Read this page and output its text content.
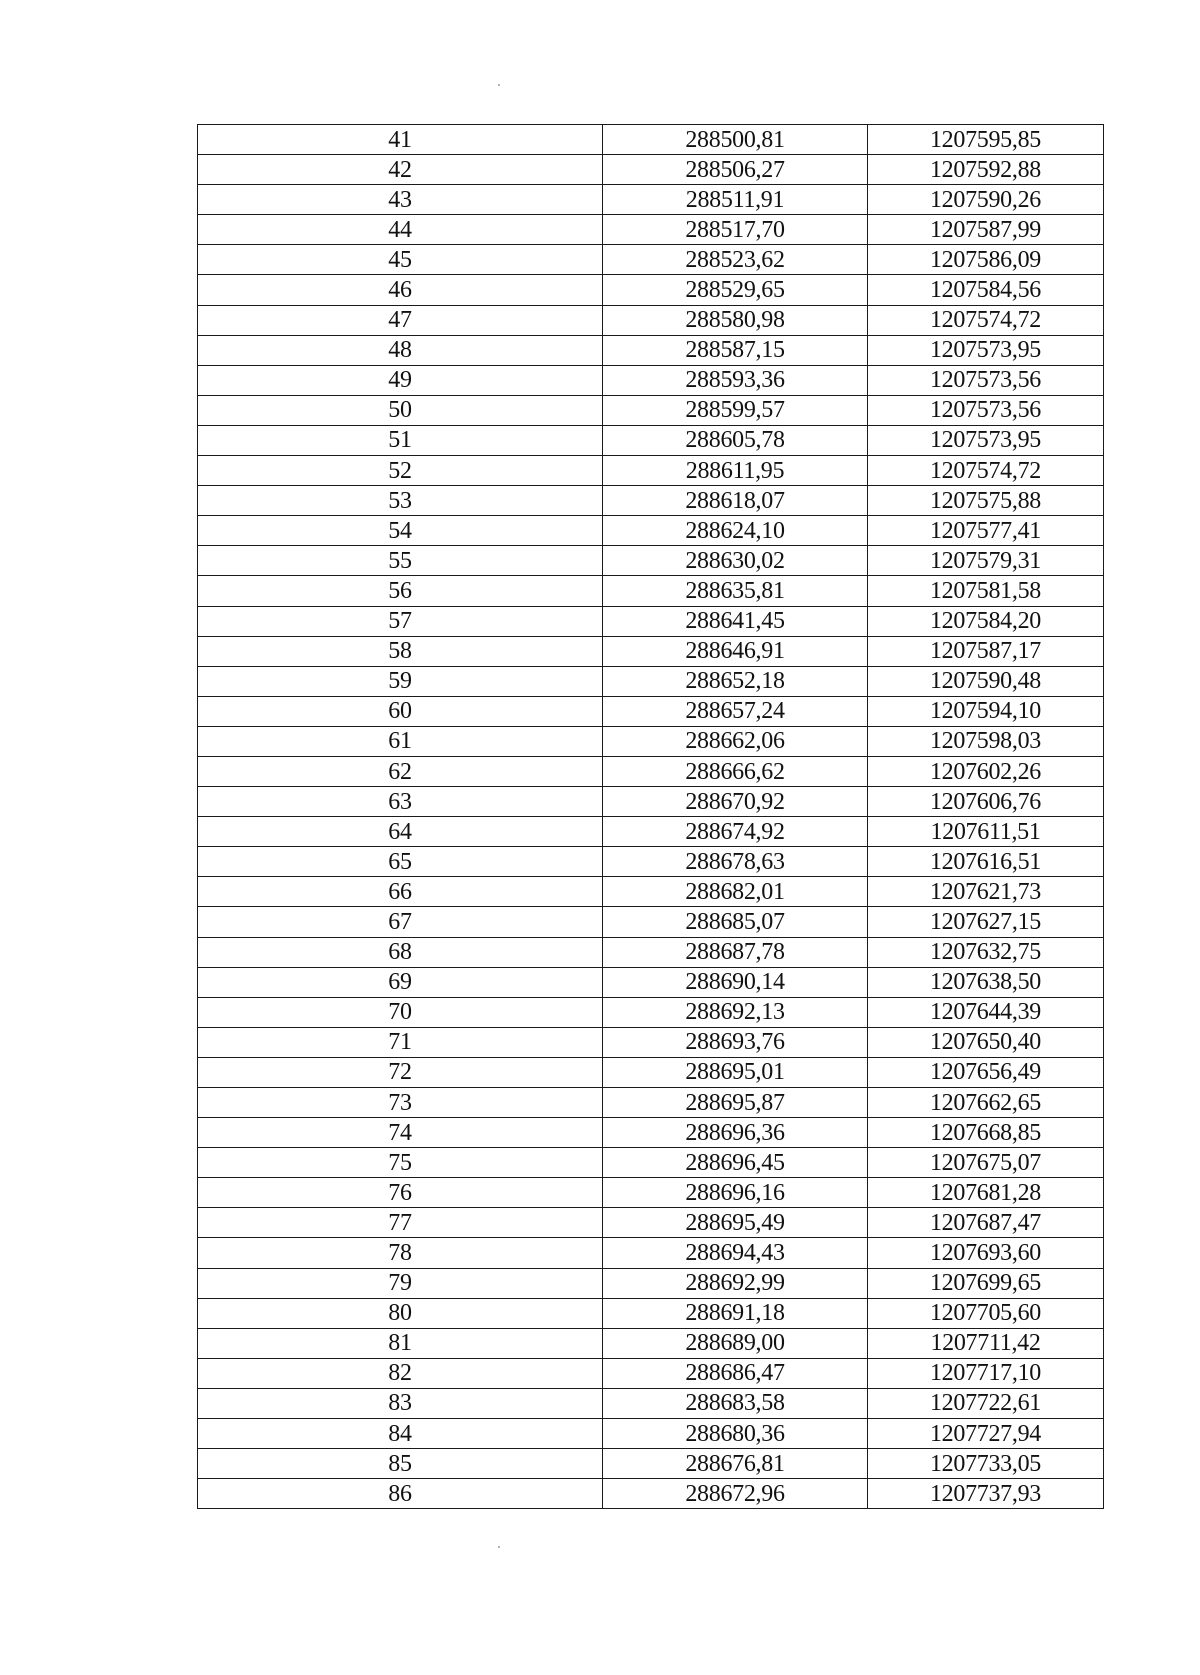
41	288500,81	1207595,85
42	288506,27	1207592,88
43	288511,91	1207590,26
44	288517,70	1207587,99
45	288523,62	1207586,09
46	288529,65	1207584,56
47	288580,98	1207574,72
48	288587,15	1207573,95
49	288593,36	1207573,56
50	288599,57	1207573,56
51	288605,78	1207573,95
52	288611,95	1207574,72
53	288618,07	1207575,88
54	288624,10	1207577,41
55	288630,02	1207579,31
56	288635,81	1207581,58
57	288641,45	1207584,20
58	288646,91	1207587,17
59	288652,18	1207590,48
60	288657,24	1207594,10
61	288662,06	1207598,03
62	288666,62	1207602,26
63	288670,92	1207606,76
64	288674,92	1207611,51
65	288678,63	1207616,51
66	288682,01	1207621,73
67	288685,07	1207627,15
68	288687,78	1207632,75
69	288690,14	1207638,50
70	288692,13	1207644,39
71	288693,76	1207650,40
72	288695,01	1207656,49
73	288695,87	1207662,65
74	288696,36	1207668,85
75	288696,45	1207675,07
76	288696,16	1207681,28
77	288695,49	1207687,47
78	288694,43	1207693,60
79	288692,99	1207699,65
80	288691,18	1207705,60
81	288689,00	1207711,42
82	288686,47	1207717,10
83	288683,58	1207722,61
84	288680,36	1207727,94
85	288676,81	1207733,05
86	288672,96	1207737,93
